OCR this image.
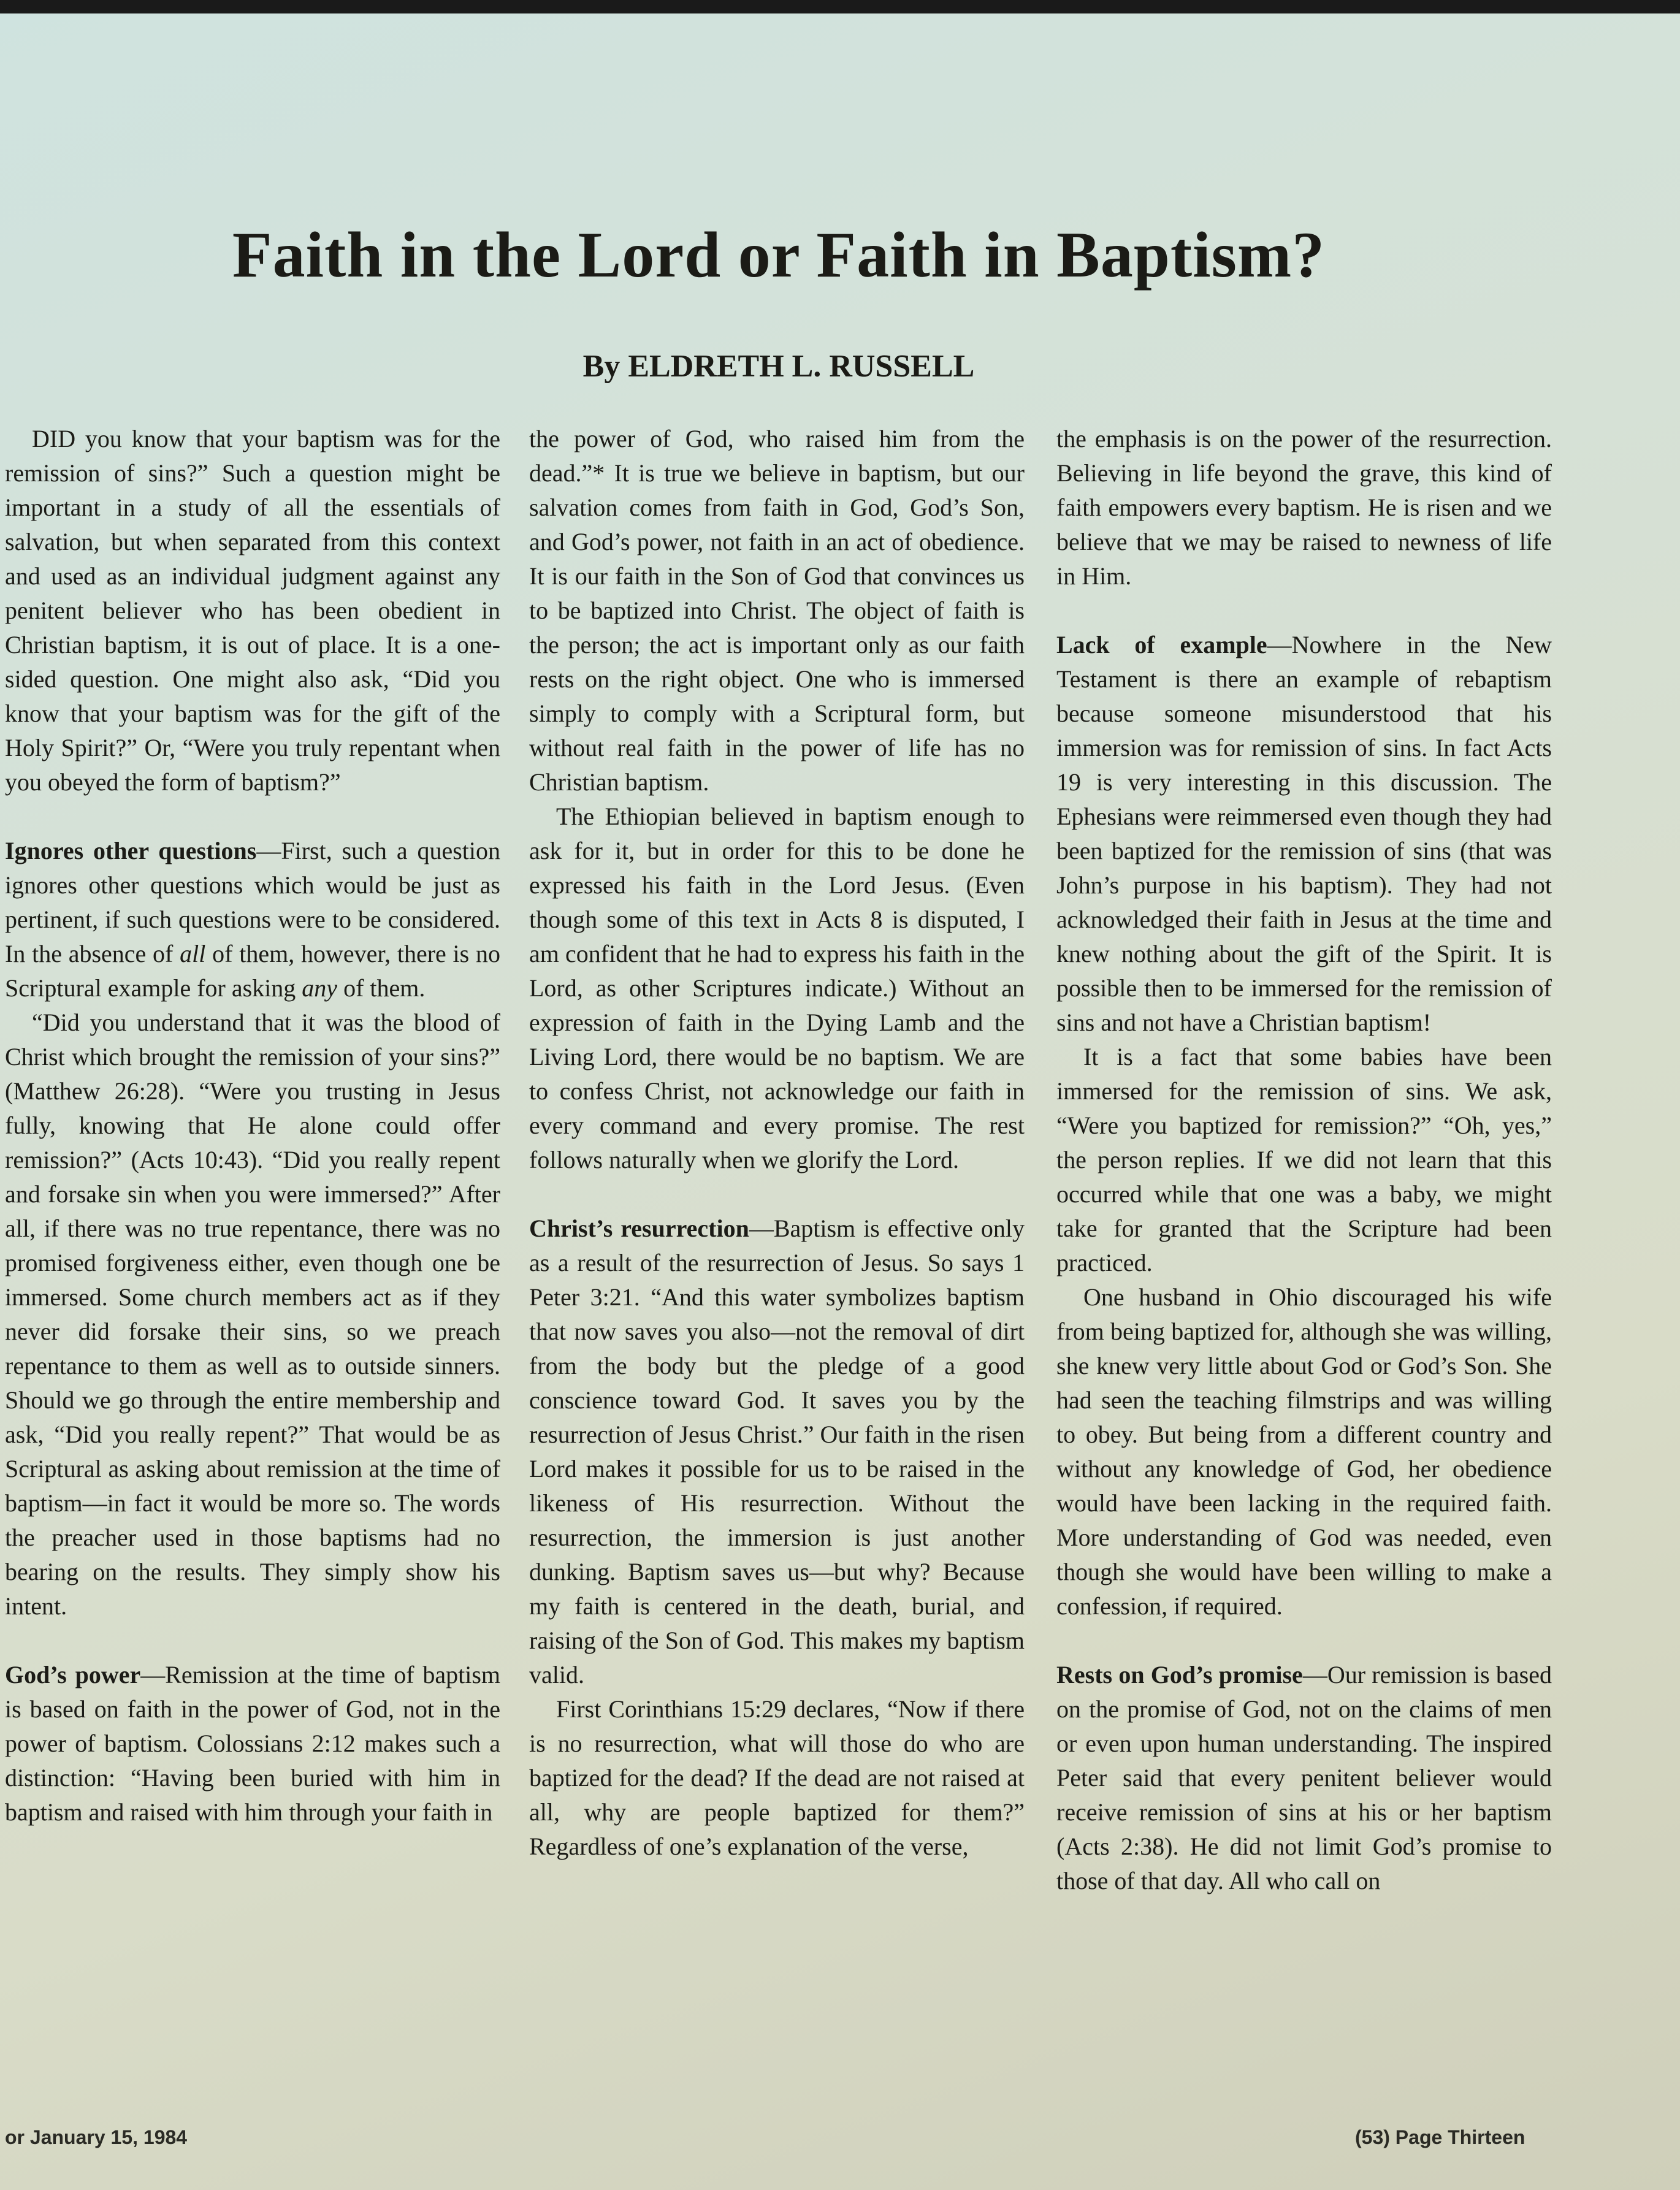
Faith in the Lord or Faith in Baptism?
By ELDRETH L. RUSSELL

DID you know that your baptism was for the remission of sins?” Such a question might be important in a study of all the essentials of salvation, but when separated from this context and used as an individual judgment against any penitent believer who has been obedient in Christian baptism, it is out of place. It is a one-sided question. One might also ask, “Did you know that your baptism was for the gift of the Holy Spirit?” Or, “Were you truly repentant when you obeyed the form of baptism?”

Ignores other questions—First, such a question ignores other questions which would be just as pertinent, if such questions were to be considered. In the absence of all of them, however, there is no Scriptural example for asking any of them.

“Did you understand that it was the blood of Christ which brought the remission of your sins?” (Matthew 26:28). “Were you trusting in Jesus fully, knowing that He alone could offer remission?” (Acts 10:43). “Did you really repent and forsake sin when you were immersed?” After all, if there was no true repentance, there was no promised forgiveness either, even though one be immersed. Some church members act as if they never did forsake their sins, so we preach repentance to them as well as to outside sinners. Should we go through the entire membership and ask, “Did you really repent?” That would be as Scriptural as asking about remission at the time of baptism—in fact it would be more so. The words the preacher used in those baptisms had no bearing on the results. They simply show his intent.

God’s power—Remission at the time of baptism is based on faith in the power of God, not in the power of baptism. Colossians 2:12 makes such a distinction: “Having been buried with him in baptism and raised with him through your faith in

the power of God, who raised him from the dead.”* It is true we believe in baptism, but our salvation comes from faith in God, God’s Son, and God’s power, not faith in an act of obedience. It is our faith in the Son of God that convinces us to be baptized into Christ. The object of faith is the person; the act is important only as our faith rests on the right object. One who is immersed simply to comply with a Scriptural form, but without real faith in the power of life has no Christian baptism.

The Ethiopian believed in baptism enough to ask for it, but in order for this to be done he expressed his faith in the Lord Jesus. (Even though some of this text in Acts 8 is disputed, I am confident that he had to express his faith in the Lord, as other Scriptures indicate.) Without an expression of faith in the Dying Lamb and the Living Lord, there would be no baptism. We are to confess Christ, not acknowledge our faith in every command and every promise. The rest follows naturally when we glorify the Lord.

Christ’s resurrection—Baptism is effective only as a result of the resurrection of Jesus. So says 1 Peter 3:21. “And this water symbolizes baptism that now saves you also—not the removal of dirt from the body but the pledge of a good conscience toward God. It saves you by the resurrection of Jesus Christ.” Our faith in the risen Lord makes it possible for us to be raised in the likeness of His resurrection. Without the resurrection, the immersion is just another dunking. Baptism saves us—but why? Because my faith is centered in the death, burial, and raising of the Son of God. This makes my baptism valid.

First Corinthians 15:29 declares, “Now if there is no resurrection, what will those do who are baptized for the dead? If the dead are not raised at all, why are people baptized for them?” Regardless of one’s explanation of the verse,

the emphasis is on the power of the resurrection. Believing in life beyond the grave, this kind of faith empowers every baptism. He is risen and we believe that we may be raised to newness of life in Him.

Lack of example—Nowhere in the New Testament is there an example of rebaptism because someone misunderstood that his immersion was for remission of sins. In fact Acts 19 is very interesting in this discussion. The Ephesians were reimmersed even though they had been baptized for the remission of sins (that was John’s purpose in his baptism). They had not acknowledged their faith in Jesus at the time and knew nothing about the gift of the Spirit. It is possible then to be immersed for the remission of sins and not have a Christian baptism!

It is a fact that some babies have been immersed for the remission of sins. We ask, “Were you baptized for remission?” “Oh, yes,” the person replies. If we did not learn that this occurred while that one was a baby, we might take for granted that the Scripture had been practiced.

One husband in Ohio discouraged his wife from being baptized for, although she was willing, she knew very little about God or God’s Son. She had seen the teaching filmstrips and was willing to obey. But being from a different country and without any knowledge of God, her obedience would have been lacking in the required faith. More understanding of God was needed, even though she would have been willing to make a confession, if required.

Rests on God’s promise—Our remission is based on the promise of God, not on the claims of men or even upon human understanding. The inspired Peter said that every penitent believer would receive remission of sins at his or her baptism (Acts 2:38). He did not limit God’s promise to those of that day. All who call on

or January 15, 1984	(53) Page Thirteen
